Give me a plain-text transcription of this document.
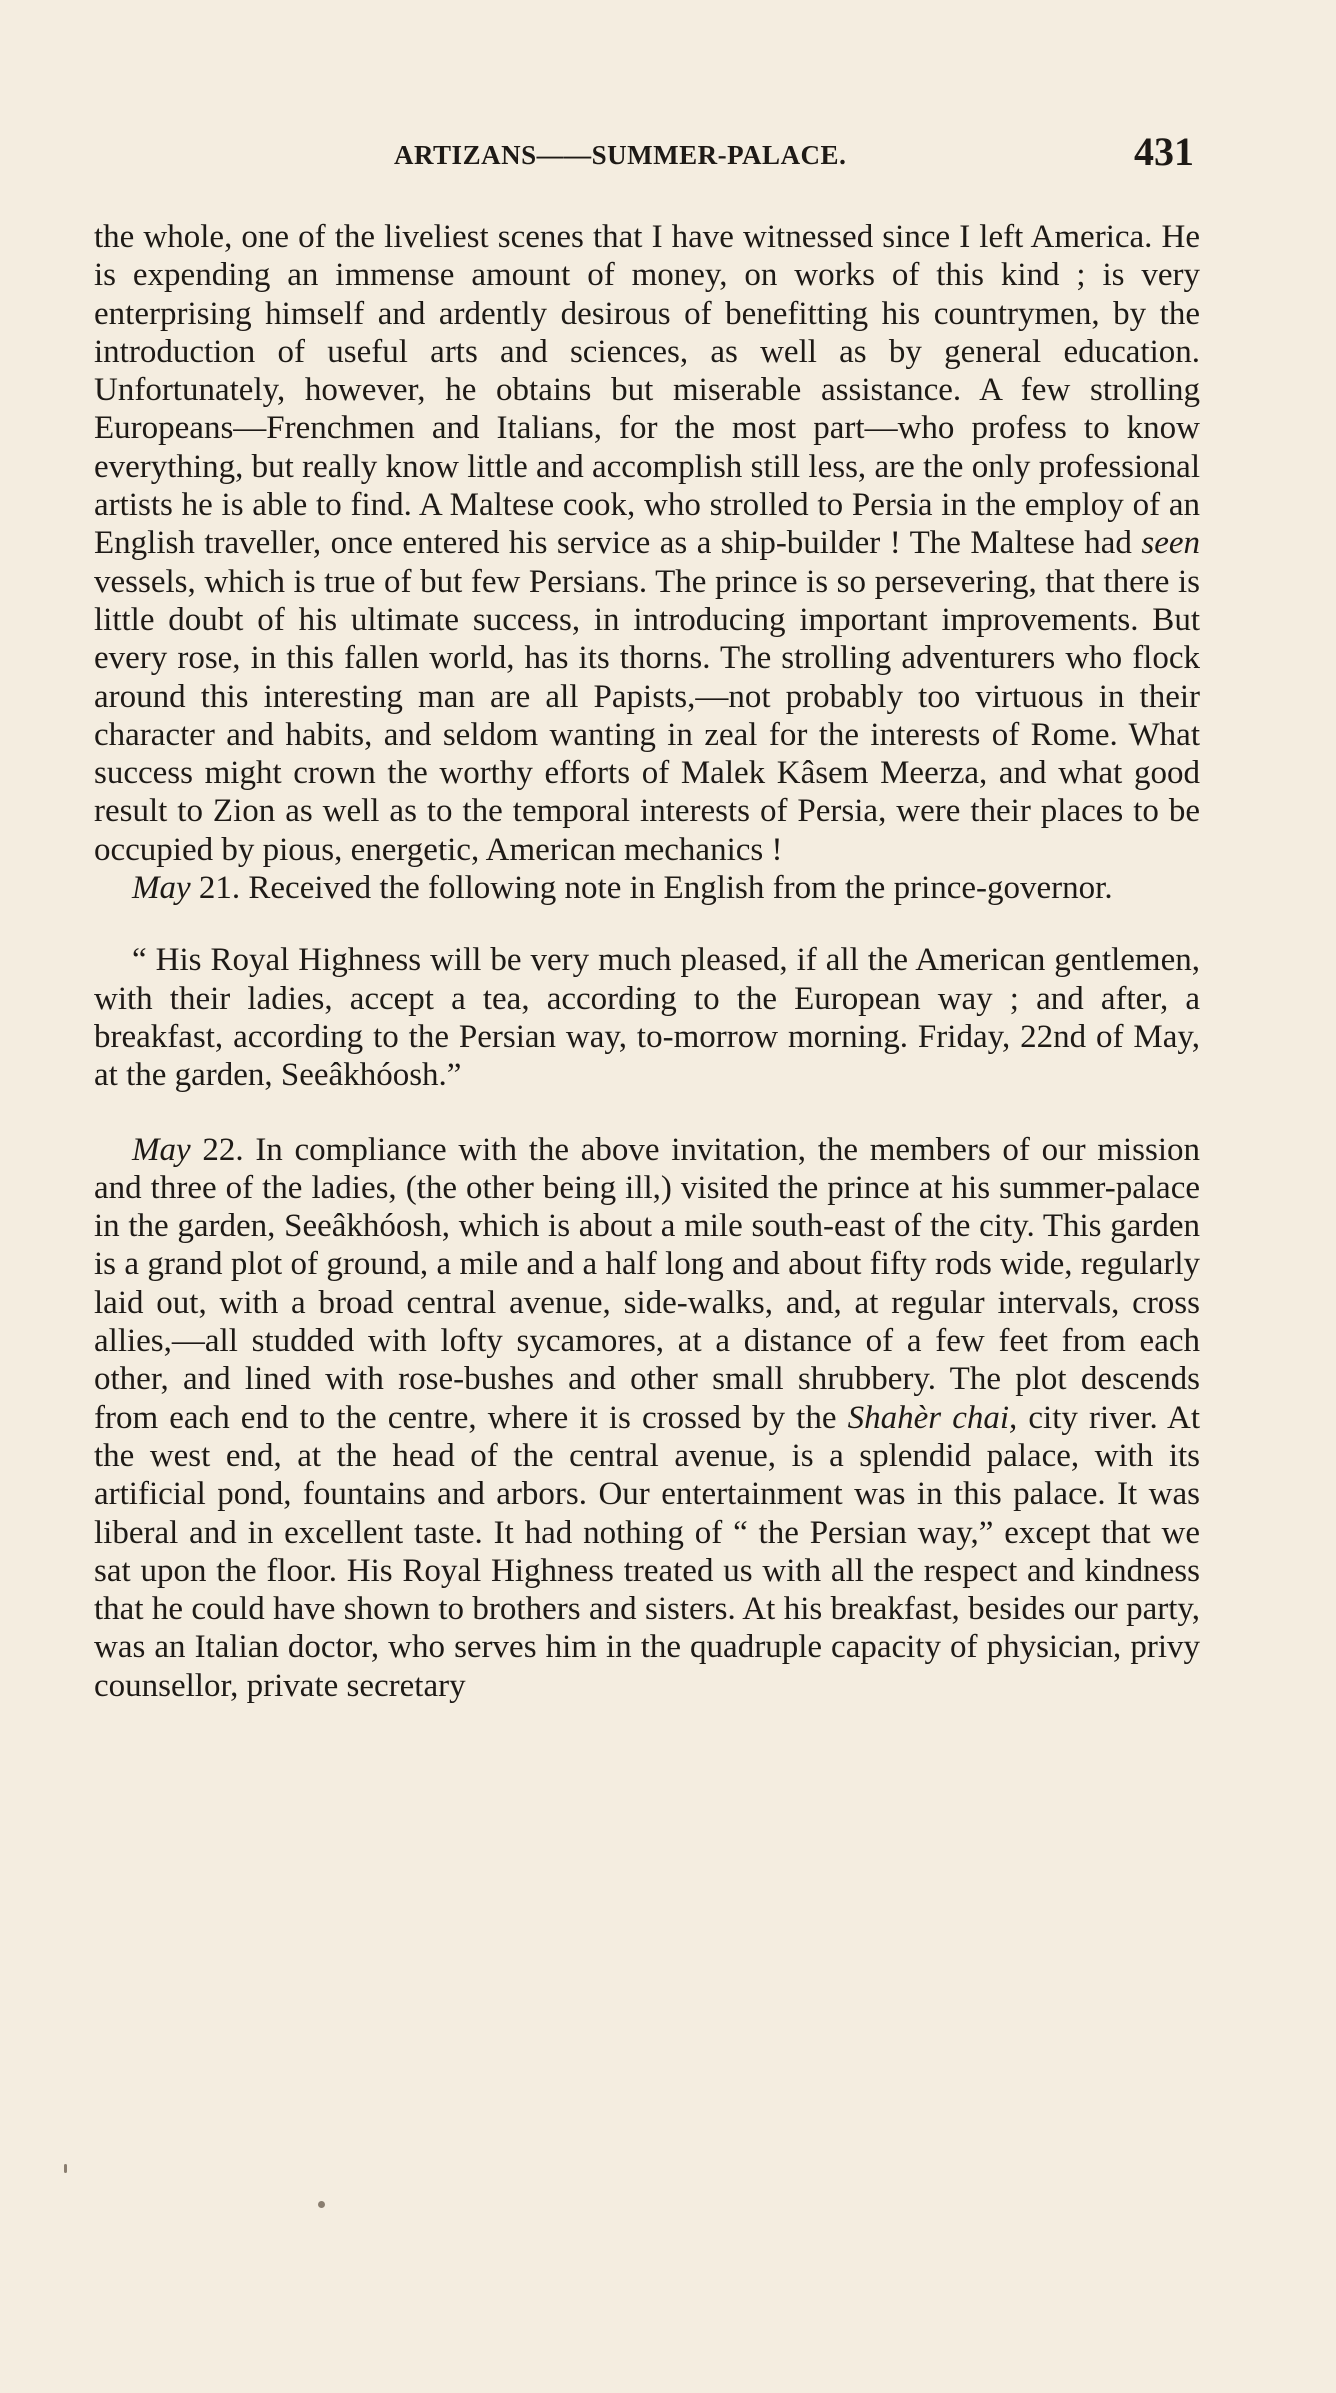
ARTIZANS——SUMMER-PALACE.	431

the whole, one of the liveliest scenes that I have witnessed since I left America. He is expending an immense amount of money, on works of this kind ; is very enterprising himself and ardently desirous of benefitting his countrymen, by the introduction of useful arts and sciences, as well as by general education. Unfortunately, however, he obtains but miserable assistance. A few strolling Europeans—Frenchmen and Italians, for the most part—who profess to know everything, but really know little and accomplish still less, are the only professional artists he is able to find. A Maltese cook, who strolled to Persia in the employ of an English traveller, once entered his service as a ship-builder ! The Maltese had seen vessels, which is true of but few Persians. The prince is so persevering, that there is little doubt of his ultimate success, in introducing important improvements. But every rose, in this fallen world, has its thorns. The strolling adventurers who flock around this interesting man are all Papists,—not probably too virtuous in their character and habits, and seldom wanting in zeal for the interests of Rome. What success might crown the worthy efforts of Malek Kâsem Meerza, and what good result to Zion as well as to the temporal interests of Persia, were their places to be occupied by pious, energetic, American mechanics !

May 21. Received the following note in English from the prince-governor.

“ His Royal Highness will be very much pleased, if all the American gentlemen, with their ladies, accept a tea, according to the European way ; and after, a breakfast, according to the Persian way, to-morrow morning. Friday, 22nd of May, at the garden, Seeâkhóosh.”

May 22. In compliance with the above invitation, the members of our mission and three of the ladies, (the other being ill,) visited the prince at his summer-palace in the garden, Seeâkhóosh, which is about a mile south-east of the city. This garden is a grand plot of ground, a mile and a half long and about fifty rods wide, regularly laid out, with a broad central avenue, side-walks, and, at regular intervals, cross allies,—all studded with lofty sycamores, at a distance of a few feet from each other, and lined with rose-bushes and other small shrubbery. The plot descends from each end to the centre, where it is crossed by the Shahèr chai, city river. At the west end, at the head of the central avenue, is a splendid palace, with its artificial pond, fountains and arbors. Our entertainment was in this palace. It was liberal and in excellent taste. It had nothing of “ the Persian way,” except that we sat upon the floor. His Royal Highness treated us with all the respect and kindness that he could have shown to brothers and sisters. At his breakfast, besides our party, was an Italian doctor, who serves him in the quadruple capacity of physician, privy counsellor, private secretary
